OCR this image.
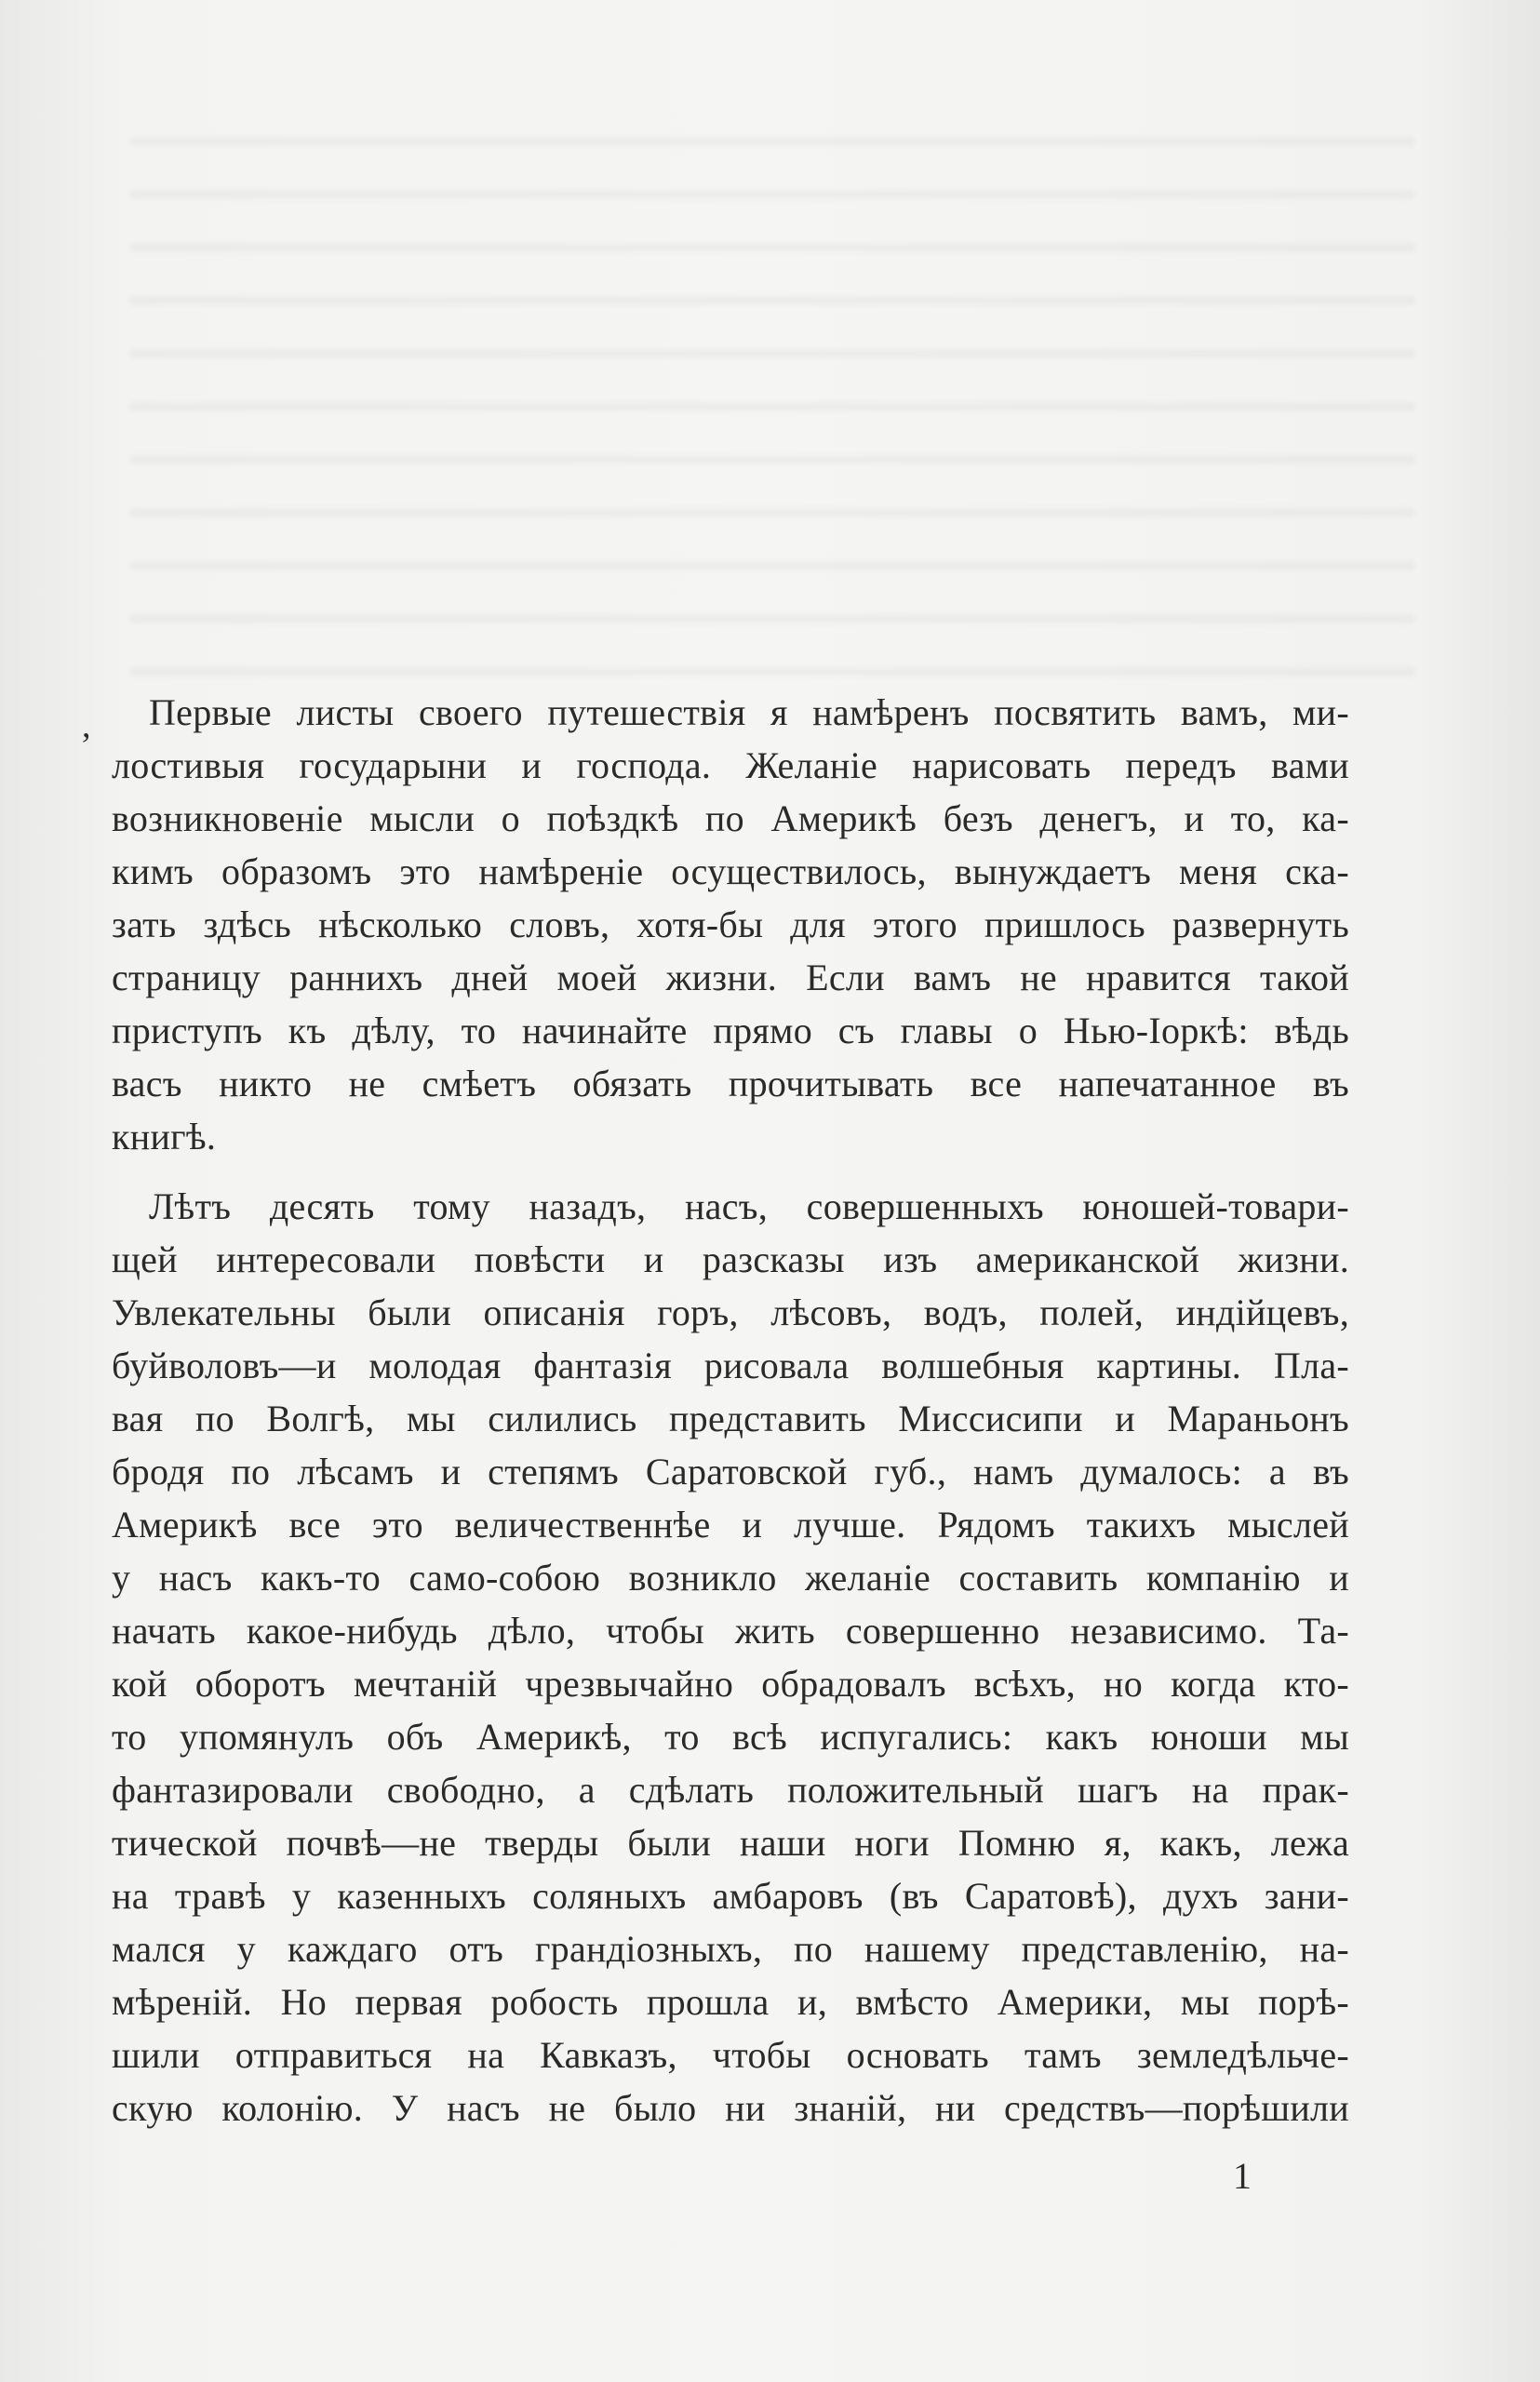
,	Первые листы своего путешествія я намѣренъ посвятить вамъ, ми-
лостивыя государыни и господа. Желаніе нарисовать передъ вами
возникновеніе мысли о поѣздкѣ по Америкѣ безъ денегъ, и то, ка-
кимъ образомъ это намѣреніе осуществилось, вынуждаетъ меня ска-
зать здѣсь нѣсколько словъ, хотя-бы для этого пришлось развернуть
страницу раннихъ дней моей жизни. Если вамъ не нравится такой
приступъ къ дѣлу, то начинайте прямо съ главы о Нью-Іоркѣ: вѣдь
васъ никто не смѣетъ обязать прочитывать все напечатанное въ
книгѣ.
Лѣтъ десять тому назадъ, насъ, совершенныхъ юношей-товари-
щей интересовали повѣсти и разсказы изъ американской жизни.
Увлекательны были описанія горъ, лѣсовъ, водъ, полей, индійцевъ,
буйволовъ—и молодая фантазія рисовала волшебныя картины. Пла-
вая по Волгѣ, мы силились представить Миссисипи и Мараньонъ
бродя по лѣсамъ и степямъ Саратовской губ., намъ думалось: а въ
Америкѣ все это величественнѣе и лучше. Рядомъ такихъ мыслей
у насъ какъ-то само-собою возникло желаніе составить компанію и
начать какое-нибудь дѣло, чтобы жить совершенно независимо. Та-
кой оборотъ мечтаній чрезвычайно обрадовалъ всѣхъ, но когда кто-
то упомянулъ объ Америкѣ, то всѣ испугались: какъ юноши мы
фантазировали свободно, а сдѣлать положительный шагъ на прак-
тической почвѣ—не тверды были наши ноги Помню я, какъ, лежа
на травѣ у казенныхъ соляныхъ амбаровъ (въ Саратовѣ), духъ зани-
мался у каждаго отъ грандіозныхъ, по нашему представленію, на-
мѣреній. Но первая робость прошла и, вмѣсто Америки, мы порѣ-
шили отправиться на Кавказъ, чтобы основать тамъ земледѣльче-
скую колонію. У насъ не было ни знаній, ни средствъ—порѣшили
1
